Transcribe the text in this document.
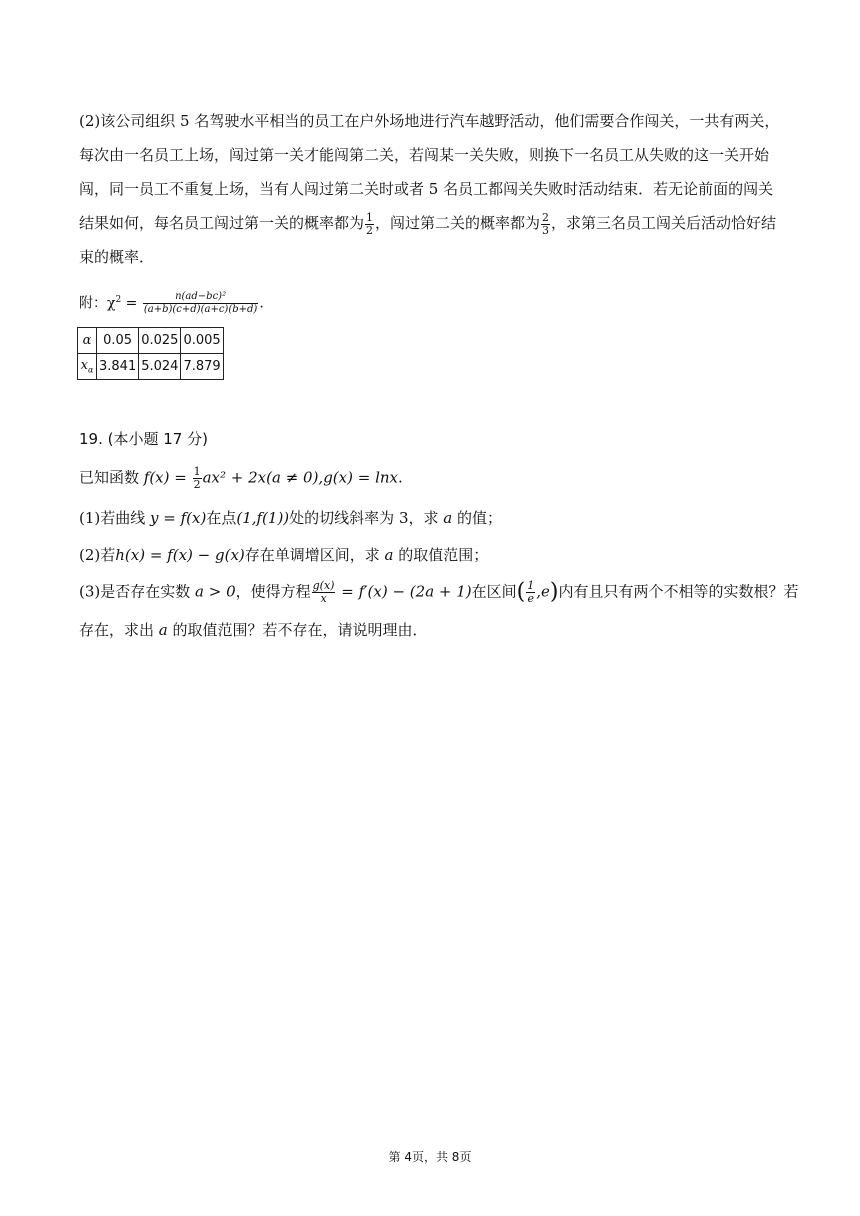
(2)该公司组织 5 名驾驶水平相当的员工在户外场地进行汽车越野活动，他们需要合作闯关，一共有两关，
每次由一名员工上场，闯过第一关才能闯第二关，若闯某一关失败，则换下一名员工从失败的这一关开始
闯，同一员工不重复上场，当有人闯过第二关时或者 5 名员工都闯关失败时活动结束．若无论前面的闯关
结果如何，每名员工闯过第一关的概率都为 $\frac{1}{2}$ ，闯过第二关的概率都为 $\frac{2}{3}$ ，求第三名员工闯关后活动恰好结
束的概率．
附：$\chi^2 = \frac{\text{n(ad−bc)²}}{(a+b)(c+d)(a+c)(b+d)}$ .
α	0.05	0.025	0.005
$x_\alpha$	3.841	5.024	7.879
19. (本小题 17 分)
已知函数 $f(x) = \frac{1}{2} ax^2 + 2x(a \ne 0),g(x) = \ln x$.
(1)若曲线 y = f(x)在点(1,f(1))处的切线斜率为 3，求 a 的值；
(2)若h(x) = f(x) − g(x)存在单调增区间，求 a 的取值范围；
(3)是否存在实数 a > 0，使得方程 $\frac{g(x)}{x} = f'(x) - (2a + 1)$在区间( $\frac{1}{e} ,e$)内有且只有两个不相等的实数根？若
存在，求出 a 的取值范围？若不存在，请说明理由．
第 4页，共 8页
